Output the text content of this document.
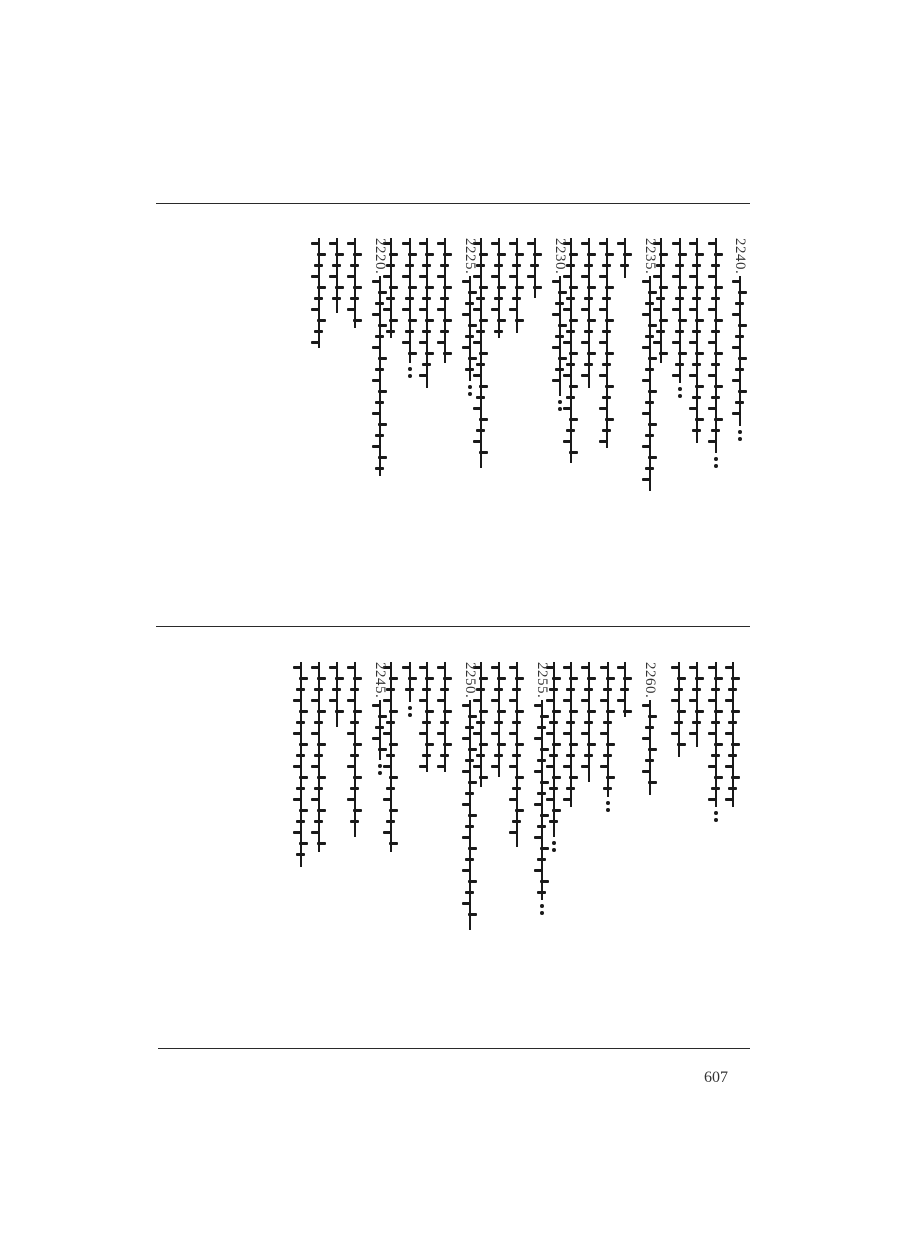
2240.
2235.
2230.
2225.
2220.
2260.
2255.
2250.
2245.
607
